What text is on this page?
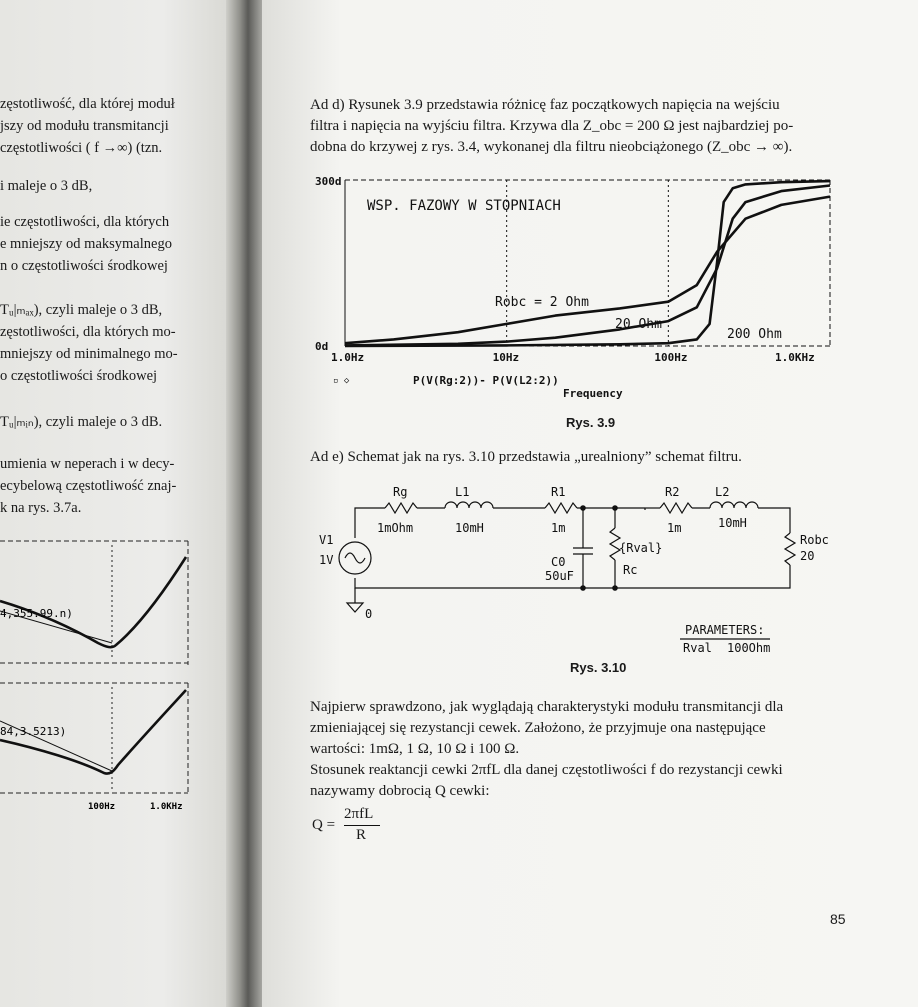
zęstotliwość, dla której moduł
jszy od modułu transmitancji
częstotliwości ( f →∞) (tzn.
i maleje o 3 dB,
ie częstotliwości, dla których
e mniejszy od maksymalnego
n o częstotliwości środkowej
Tᵤ|ₘₐₓ), czyli maleje o 3 dB,
zęstotliwości, dla których mo-
mniejszy od minimalnego mo-
o częstotliwości środkowej
Tᵤ|ₘᵢₙ), czyli maleje o 3 dB.
umienia w neperach i w decy-
ecybelową częstotliwość znaj-
k na rys. 3.7a.
4,355.99.n)
84,3.5213)
100Hz	1.0KHz
Ad d) Rysunek 3.9 przedstawia różnicę faz początkowych napięcia na wejściu
filtra i napięcia na wyjściu filtra. Krzywa dla Z_obc = 200 Ω jest najbardziej po-
dobna do krzywej z rys. 3.4, wykonanej dla filtru nieobciążonego (Z_obc → ∞).
WSP. FAZOWY W STOPNIACH
300d
0d
1.0Hz	10Hz	100Hz	1.0KHz
▫ ◇	P(V(Rg:2))- P(V(L2:2))
Frequency
Robc = 2 Ohm
20 Ohm
200 Ohm
Rys. 3.9
Ad e) Schemat jak na rys. 3.10 przedstawia „urealniony” schemat filtru.
Rg
1mOhm
L1
10mH
R1
1m
R2
1m
L2
10mH
V1
1V	C0
50uF
{Rval}
Rc
Robc
20
0
PARAMETERS:
Rval 100Ohm
Rys. 3.10
Najpierw sprawdzono, jak wyglądają charakterystyki modułu transmitancji dla
zmieniającej się rezystancji cewek. Założono, że przyjmuje ona następujące
wartości: 1mΩ, 1 Ω, 10 Ω i 100 Ω.
Stosunek reaktancji cewki 2πfL dla danej częstotliwości f do rezystancji cewki
nazywamy dobrocią Q cewki:
Q =
2πfL
R
85
